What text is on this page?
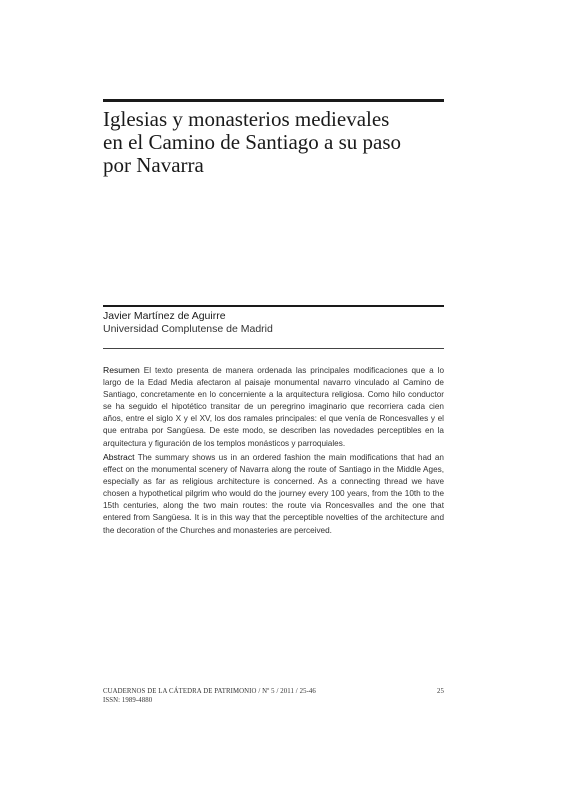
Iglesias y monasterios medievales
en el Camino de Santiago a su paso
por Navarra
Javier Martínez de Aguirre
Universidad Complutense de Madrid

Resumen El texto presenta de manera ordenada las principales modificaciones que a lo largo de la Edad Media afectaron al paisaje monumental navarro vinculado al Camino de Santiago, concretamente en lo concerniente a la arquitectura religiosa. Como hilo conductor se ha seguido el hipotético transitar de un peregrino imaginario que recorriera cada cien años, entre el siglo X y el XV, los dos ramales principales: el que venía de Roncesvalles y el que entraba por Sangüesa. De este modo, se describen las novedades perceptibles en la arquitectura y figuración de los templos monásticos y parroquiales.

Abstract The summary shows us in an ordered fashion the main modifications that had an effect on the monumental scenery of Navarra along the route of Santiago in the Middle Ages, especially as far as religious architecture is concerned. As a connecting thread we have chosen a hypothetical pilgrim who would do the journey every 100 years, from the 10th to the 15th centuries, along the two main routes: the route via Roncesvalles and the one that entered from Sangüesa. It is in this way that the perceptible novelties of the architecture and the decoration of the Churches and monasteries are perceived.

CUADERNOS DE LA CÁTEDRA DE PATRIMONIO / Nº 5 / 2011 / 25-46
ISSN: 1989-4880
25
